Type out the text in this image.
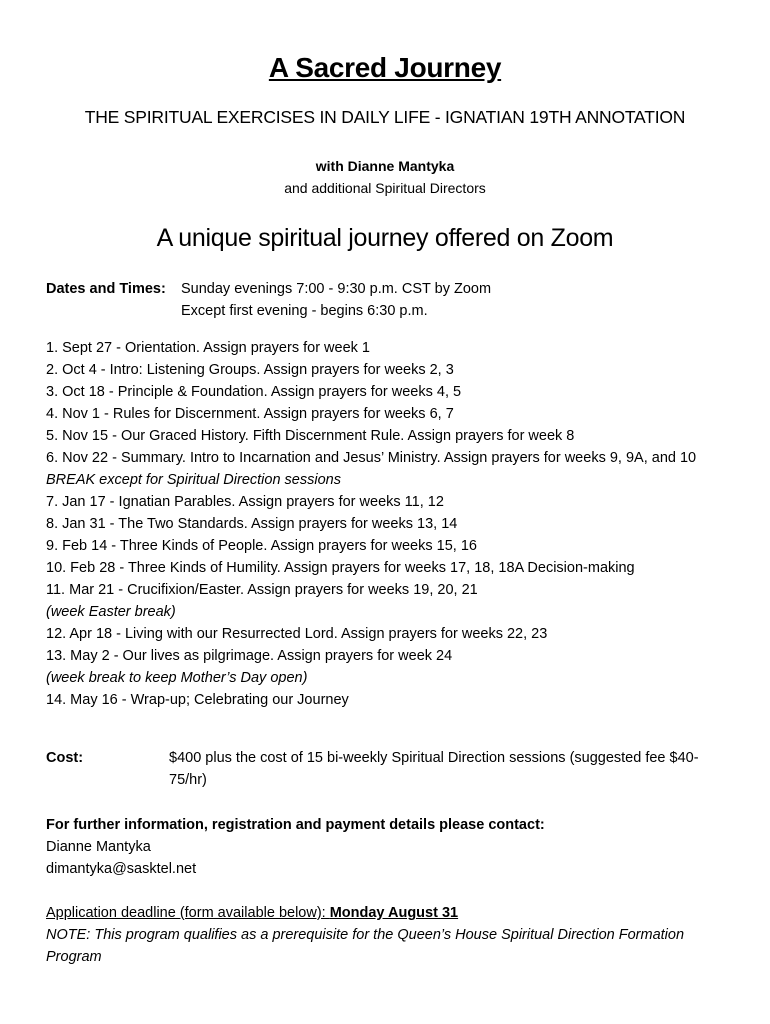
A Sacred Journey
THE SPIRITUAL EXERCISES IN DAILY LIFE - IGNATIAN 19TH ANNOTATION
with Dianne Mantyka
and additional Spiritual Directors
A unique spiritual journey offered on Zoom
Dates and Times: Sunday evenings 7:00 - 9:30 p.m. CST by Zoom
Except first evening - begins 6:30 p.m.
1. Sept 27 - Orientation. Assign prayers for week 1
2. Oct 4 - Intro: Listening Groups. Assign prayers for weeks 2, 3
3. Oct 18 - Principle & Foundation. Assign prayers for weeks 4, 5
4. Nov 1 - Rules for Discernment. Assign prayers for weeks 6, 7
5. Nov 15 - Our Graced History. Fifth Discernment Rule. Assign prayers for week 8
6. Nov 22 - Summary. Intro to Incarnation and Jesus’ Ministry. Assign prayers for weeks 9, 9A, and 10
BREAK except for Spiritual Direction sessions
7. Jan 17 - Ignatian Parables. Assign prayers for weeks 11, 12
8. Jan 31 - The Two Standards. Assign prayers for weeks 13, 14
9. Feb 14 - Three Kinds of People. Assign prayers for weeks 15, 16
10. Feb 28 - Three Kinds of Humility. Assign prayers for weeks 17, 18, 18A Decision-making
11. Mar 21 - Crucifixion/Easter. Assign prayers for weeks 19, 20, 21
(week Easter break)
12. Apr 18 - Living with our Resurrected Lord. Assign prayers for weeks 22, 23
13. May 2 - Our lives as pilgrimage. Assign prayers for week 24
(week break to keep Mother’s Day open)
14. May 16 - Wrap-up; Celebrating our Journey
Cost:	$400 plus the cost of 15 bi-weekly Spiritual Direction sessions (suggested fee $40-75/hr)
For further information, registration and payment details please contact:
Dianne Mantyka
dimantyka@sasktel.net
Application deadline (form available below): Monday August 31
NOTE: This program qualifies as a prerequisite for the Queen’s House Spiritual Direction Formation Program
